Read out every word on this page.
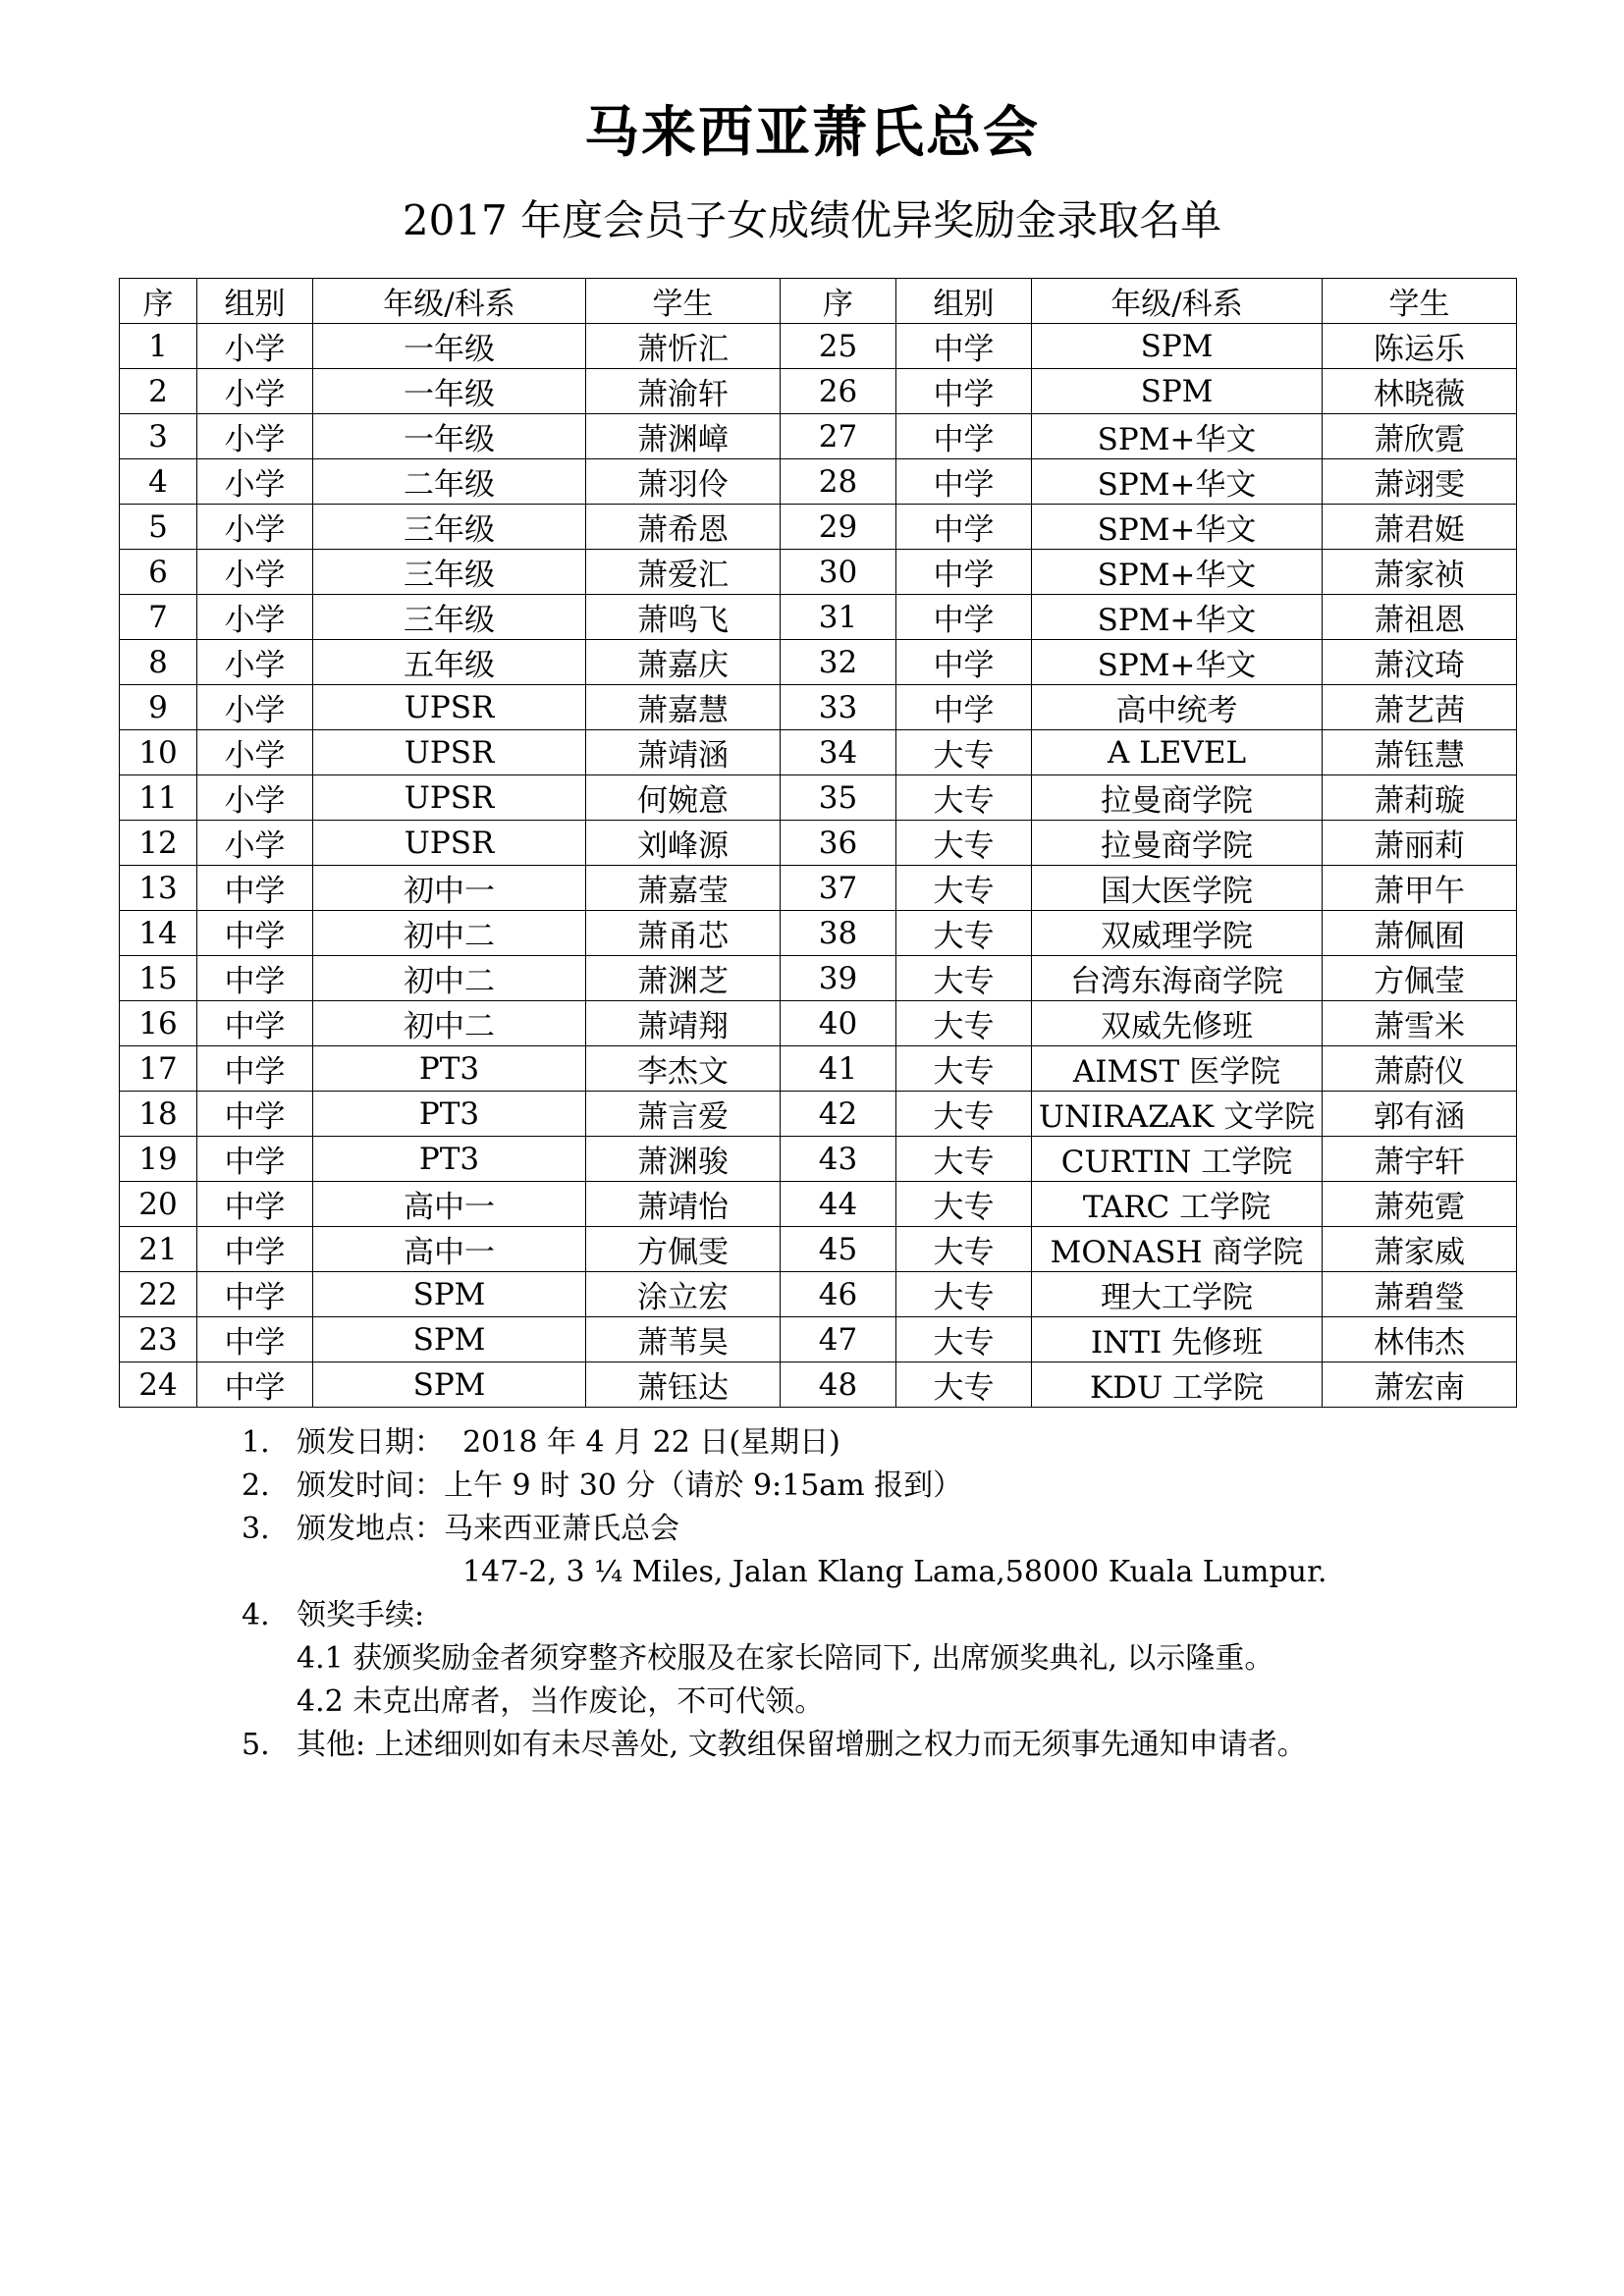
马来西亚萧氏总会
2017 年度会员子女成绩优异奖励金录取名单
序	组别	年级/科系	学生	序	组别	年级/科系	学生
1	小学	一年级	萧忻汇	25	中学	SPM	陈运乐
2	小学	一年级	萧渝轩	26	中学	SPM	林晓薇
3	小学	一年级	萧渊嶂	27	中学	SPM+华文	萧欣霓
4	小学	二年级	萧羽伶	28	中学	SPM+华文	萧翊雯
5	小学	三年级	萧希恩	29	中学	SPM+华文	萧君娗
6	小学	三年级	萧爱汇	30	中学	SPM+华文	萧家祯
7	小学	三年级	萧鸣飞	31	中学	SPM+华文	萧祖恩
8	小学	五年级	萧嘉庆	32	中学	SPM+华文	萧汶琦
9	小学	UPSR	萧嘉慧	33	中学	高中统考	萧艺茜
10	小学	UPSR	萧靖涵	34	大专	A LEVEL	萧钰慧
11	小学	UPSR	何婉意	35	大专	拉曼商学院	萧莉璇
12	小学	UPSR	刘峰源	36	大专	拉曼商学院	萧丽莉
13	中学	初中一	萧嘉莹	37	大专	国大医学院	萧甲午
14	中学	初中二	萧甬芯	38	大专	双威理学院	萧佩囿
15	中学	初中二	萧渊芝	39	大专	台湾东海商学院	方佩莹
16	中学	初中二	萧靖翔	40	大专	双威先修班	萧雪米
17	中学	PT3	李杰文	41	大专	AIMST 医学院	萧蔚仪
18	中学	PT3	萧言爱	42	大专	UNIRAZAK 文学院	郭有涵
19	中学	PT3	萧渊骏	43	大专	CURTIN 工学院	萧宇轩
20	中学	高中一	萧靖怡	44	大专	TARC 工学院	萧苑霓
21	中学	高中一	方佩雯	45	大专	MONASH 商学院	萧家威
22	中学	SPM	涂立宏	46	大专	理大工学院	萧碧瑩
23	中学	SPM	萧苇昊	47	大专	INTI 先修班	林伟杰
24	中学	SPM	萧钰达	48	大专	KDU 工学院	萧宏南
1. 颁发日期：  2018 年 4 月 22 日(星期日)
2. 颁发时间：上午 9 时 30 分（请於 9:15am 报到）
3. 颁发地点：马来西亚萧氏总会
147-2, 3 ¼ Miles, Jalan Klang Lama,58000 Kuala Lumpur.
4. 领奖手续:
4.1 获颁奖励金者须穿整齐校服及在家长陪同下, 出席颁奖典礼, 以示隆重。
4.2 未克出席者，当作废论，不可代领。
5. 其他: 上述细则如有未尽善处, 文教组保留增删之权力而无须事先通知申请者。
